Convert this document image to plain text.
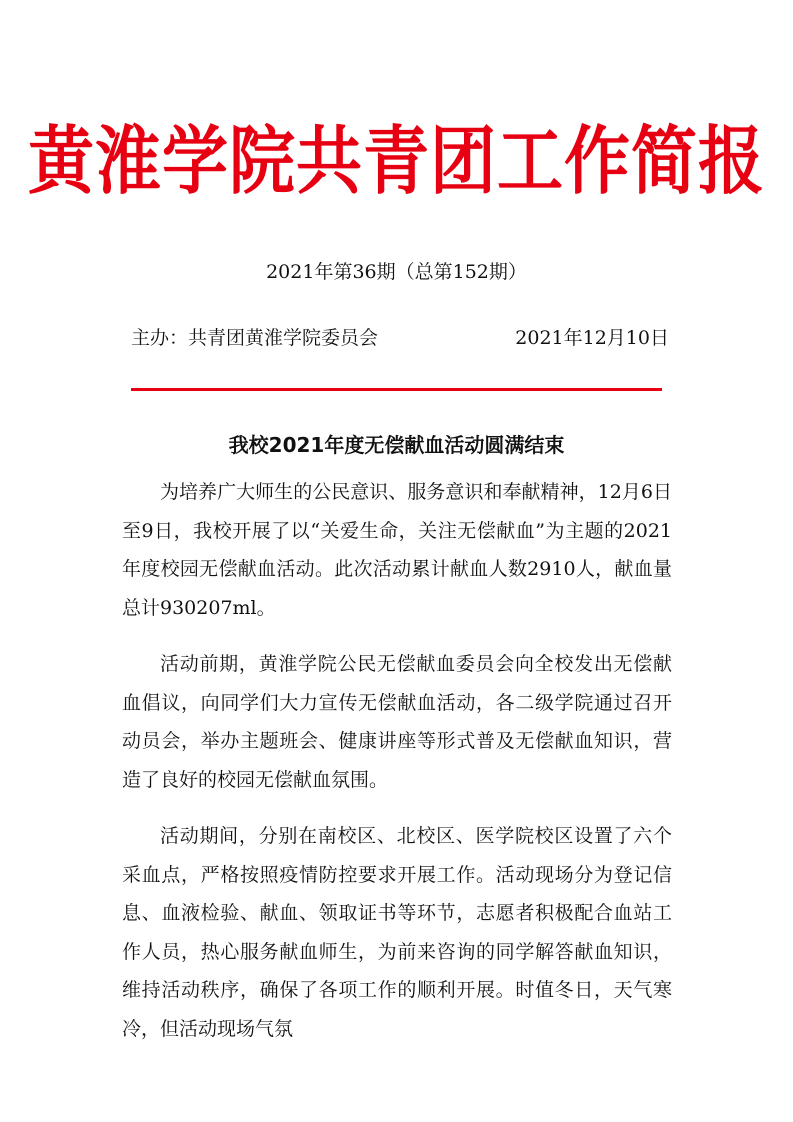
黄淮学院共青团工作简报
2021年第36期（总第152期）
主办：共青团黄淮学院委员会	2021年12月10日
我校2021年度无偿献血活动圆满结束

为培养广大师生的公民意识、服务意识和奉献精神，12月6日至9日，我校开展了以“关爱生命，关注无偿献血”为主题的2021年度校园无偿献血活动。此次活动累计献血人数2910人，献血量总计930207ml。

活动前期，黄淮学院公民无偿献血委员会向全校发出无偿献血倡议，向同学们大力宣传无偿献血活动，各二级学院通过召开动员会，举办主题班会、健康讲座等形式普及无偿献血知识，营造了良好的校园无偿献血氛围。

活动期间，分别在南校区、北校区、医学院校区设置了六个采血点，严格按照疫情防控要求开展工作。活动现场分为登记信息、血液检验、献血、领取证书等环节，志愿者积极配合血站工作人员，热心服务献血师生，为前来咨询的同学解答献血知识，维持活动秩序，确保了各项工作的顺利开展。时值冬日，天气寒冷，但活动现场气氛
